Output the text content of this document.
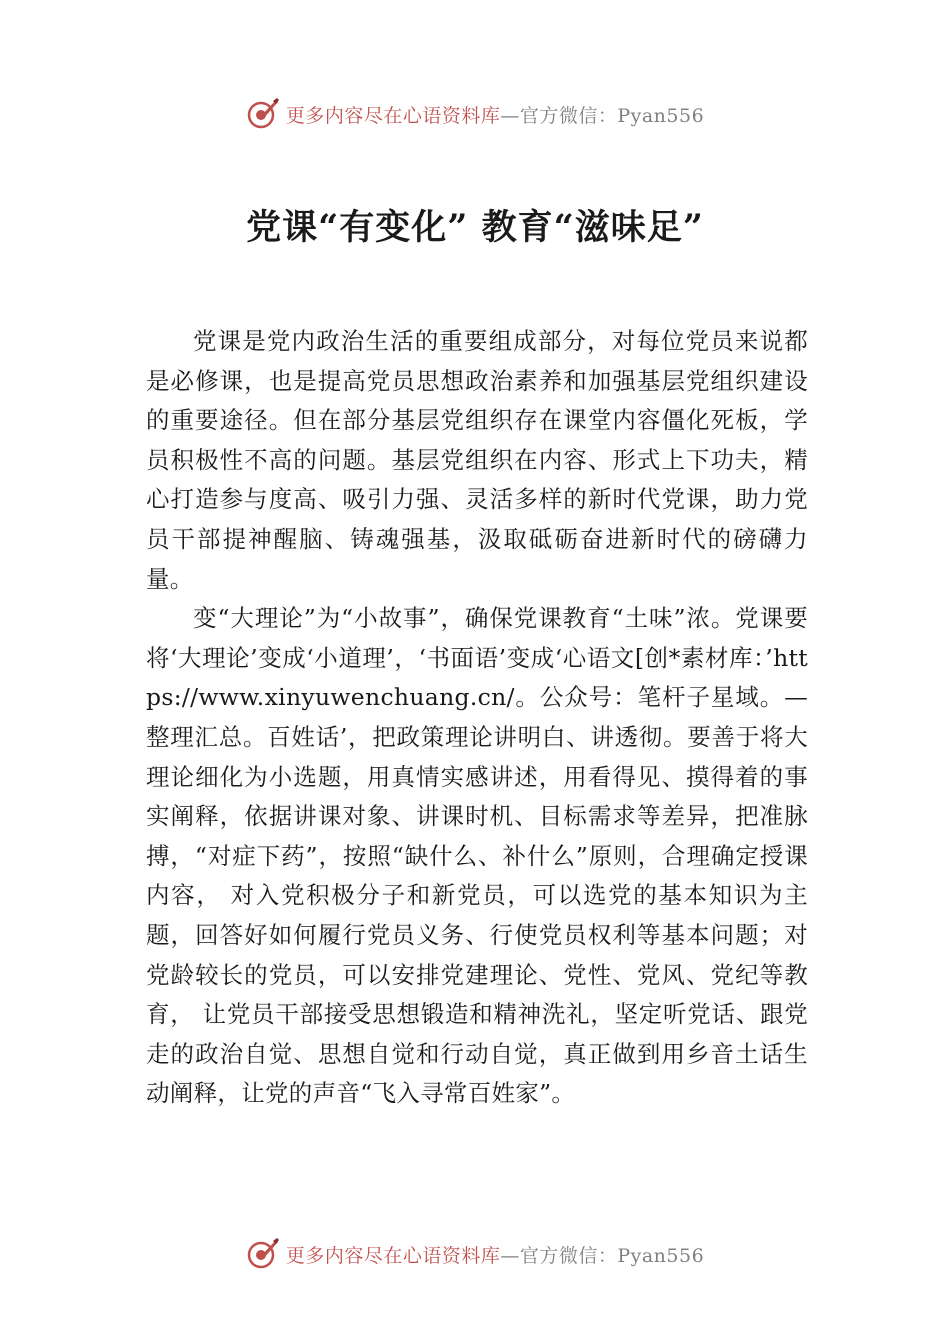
更多内容尽在心语资料库—官方微信：Pyan556
党课“有变化” 教育“滋味足”

党课是党内政治生活的重要组成部分，对每位党员来说都是必修课，也是提高党员思想政治素养和加强基层党组织建设的重要途径。但在部分基层党组织存在课堂内容僵化死板，学员积极性不高的问题。基层党组织在内容、形式上下功夫，精心打造参与度高、吸引力强、灵活多样的新时代党课，助力党员干部提神醒脑、铸魂强基，汲取砥砺奋进新时代的磅礴力量。

变“大理论”为“小故事”，确保党课教育“土味”浓。党课要将‘大理论’变成‘小道理’，‘书面语’变成‘心语文[创*素材库：’https://www.xinyuwenchuang.cn/。公众号：笔杆子星域。—整理汇总。百姓话’，把政策理论讲明白、讲透彻。要善于将大理论细化为小选题，用真情实感讲述，用看得见、摸得着的事实阐释，依据讲课对象、讲课时机、目标需求等差异，把准脉搏，“对症下药”，按照“缺什么、补什么”原则，合理确定授课内容， 对入党积极分子和新党员，可以选党的基本知识为主题，回答好如何履行党员义务、行使党员权利等基本问题；对党龄较长的党员，可以安排党建理论、党性、党风、党纪等教育， 让党员干部接受思想锻造和精神洗礼，坚定听党话、跟党走的政治自觉、思想自觉和行动自觉，真正做到用乡音土话生动阐释，让党的声音“飞入寻常百姓家”。

更多内容尽在心语资料库—官方微信：Pyan556
